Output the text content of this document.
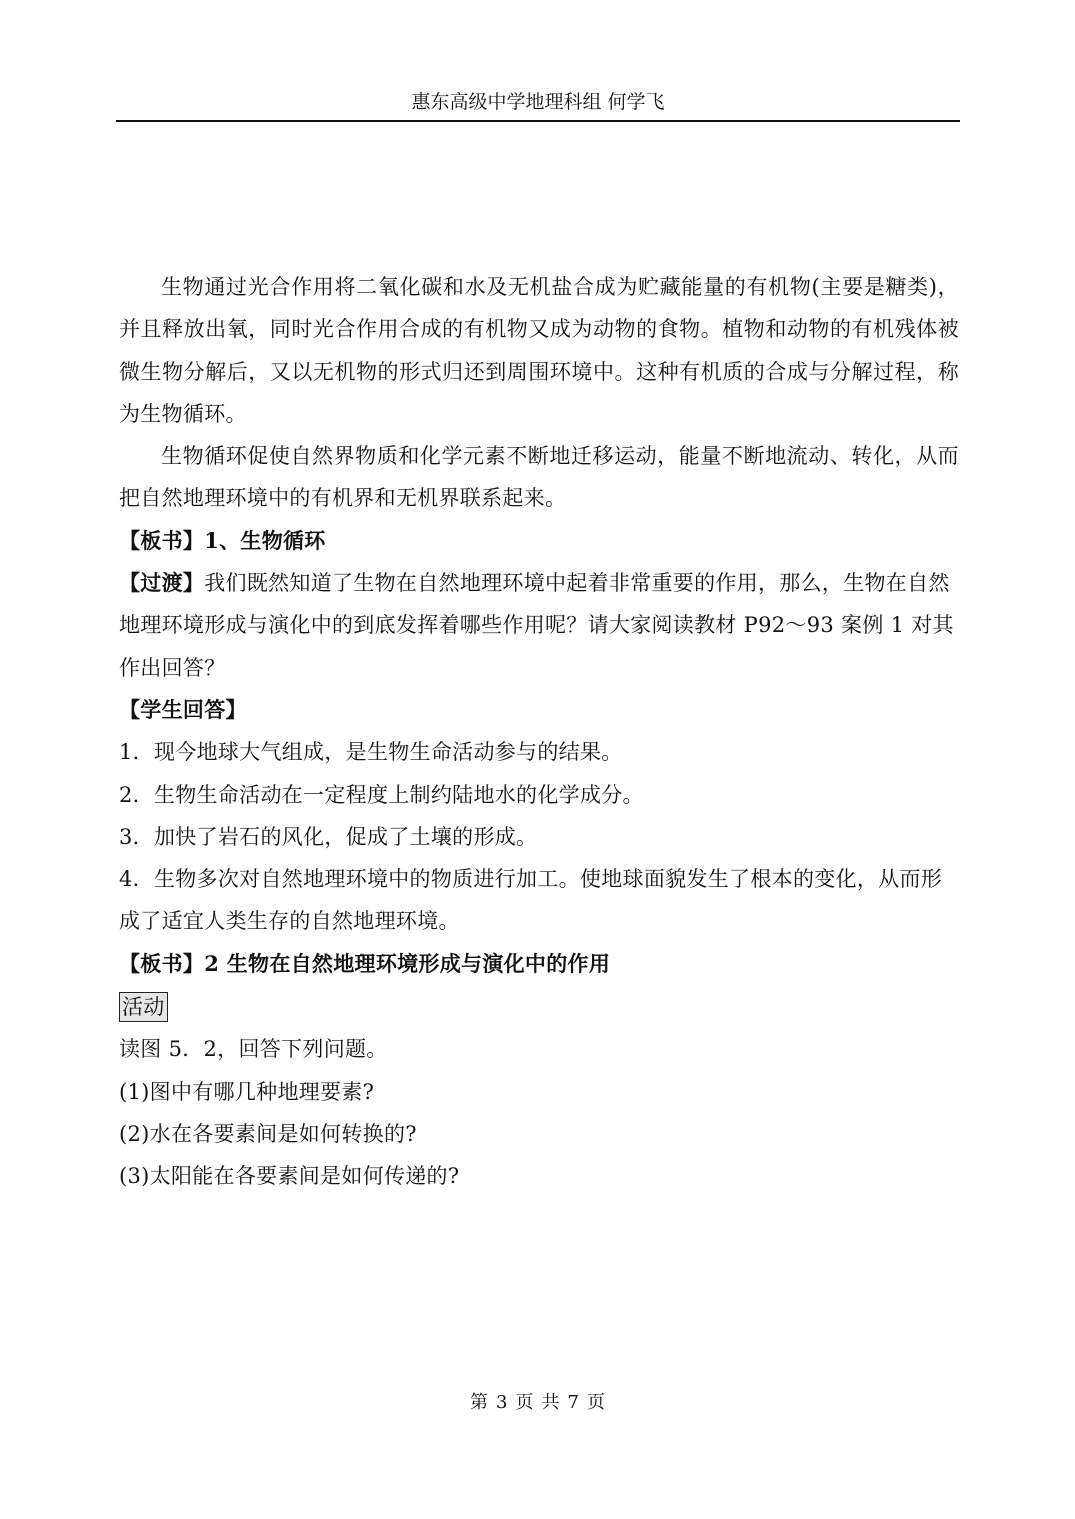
惠东高级中学地理科组 何学飞

生物通过光合作用将二氧化碳和水及无机盐合成为贮藏能量的有机物(主要是糖类)，并且释放出氧，同时光合作用合成的有机物又成为动物的食物。植物和动物的有机残体被微生物分解后，又以无机物的形式归还到周围环境中。这种有机质的合成与分解过程，称为生物循环。

生物循环促使自然界物质和化学元素不断地迁移运动，能量不断地流动、转化，从而把自然地理环境中的有机界和无机界联系起来。

【板书】1、生物循环

【过渡】我们既然知道了生物在自然地理环境中起着非常重要的作用，那么，生物在自然地理环境形成与演化中的到底发挥着哪些作用呢？请大家阅读教材 P92～93 案例 1 对其作出回答？

【学生回答】

1．现今地球大气组成，是生物生命活动参与的结果。

2．生物生命活动在一定程度上制约陆地水的化学成分。

3．加快了岩石的风化，促成了土壤的形成。

4．生物多次对自然地理环境中的物质进行加工。使地球面貌发生了根本的变化，从而形成了适宜人类生存的自然地理环境。

【板书】2 生物在自然地理环境形成与演化中的作用

活动

读图 5．2，回答下列问题。

(1)图中有哪几种地理要素?

(2)水在各要素间是如何转换的?

(3)太阳能在各要素间是如何传递的?

第 3 页 共 7 页
